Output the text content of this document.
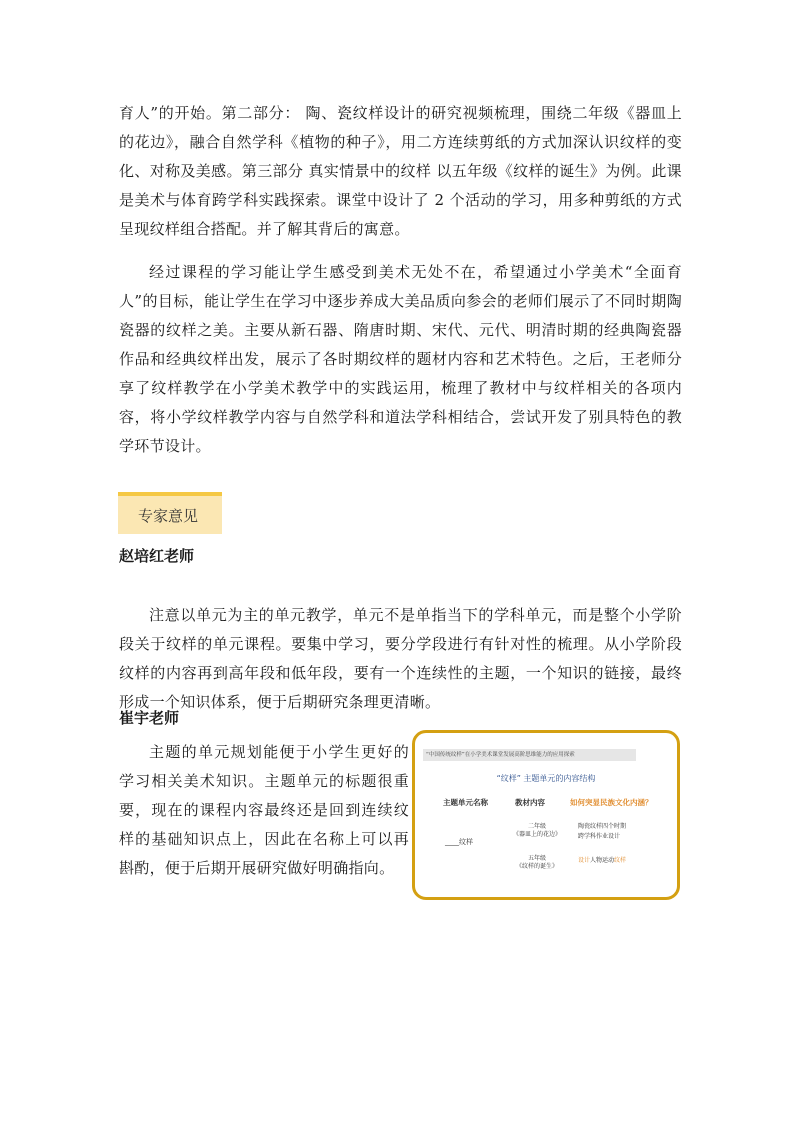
育人”的开始。第二部分： 陶、瓷纹样设计的研究视频梳理，围绕二年级《器皿上的花边》，融合自然学科《植物的种子》，用二方连续剪纸的方式加深认识纹样的变化、对称及美感。第三部分 真实情景中的纹样 以五年级《纹样的诞生》为例。此课是美术与体育跨学科实践探索。课堂中设计了 2 个活动的学习，用多种剪纸的方式呈现纹样组合搭配。并了解其背后的寓意。

经过课程的学习能让学生感受到美术无处不在，希望通过小学美术“全面育人”的目标，能让学生在学习中逐步养成大美品质向参会的老师们展示了不同时期陶瓷器的纹样之美。主要从新石器、隋唐时期、宋代、元代、明清时期的经典陶瓷器作品和经典纹样出发，展示了各时期纹样的题材内容和艺术特色。之后，王老师分享了纹样教学在小学美术教学中的实践运用，梳理了教材中与纹样相关的各项内容，将小学纹样教学内容与自然学科和道法学科相结合，尝试开发了别具特色的教学环节设计。

专家意见

赵培红老师

注意以单元为主的单元教学，单元不是单指当下的学科单元，而是整个小学阶段关于纹样的单元课程。要集中学习，要分学段进行有针对性的梳理。从小学阶段纹样的内容再到高年段和低年段，要有一个连续性的主题，一个知识的链接，最终形成一个知识体系，便于后期研究条理更清晰。

崔宇老师

主题的单元规划能便于小学生更好的学习相关美术知识。主题单元的标题很重要，现在的课程内容最终还是回到连续纹样的基础知识点上，因此在名称上可以再斟酌，便于后期开展研究做好明确指向。

“中国传统纹样”在小学美术课堂发展高阶思维能力的应用探索
“纹样” 主题单元的内容结构
主题单元名称	教材内容	如何突显民族文化内涵？
____纹样
二年级
《器皿上的花边》
五年级
《纹样的诞生》
陶瓷纹样四个时期
跨学科作业设计
设计人物运动纹样
